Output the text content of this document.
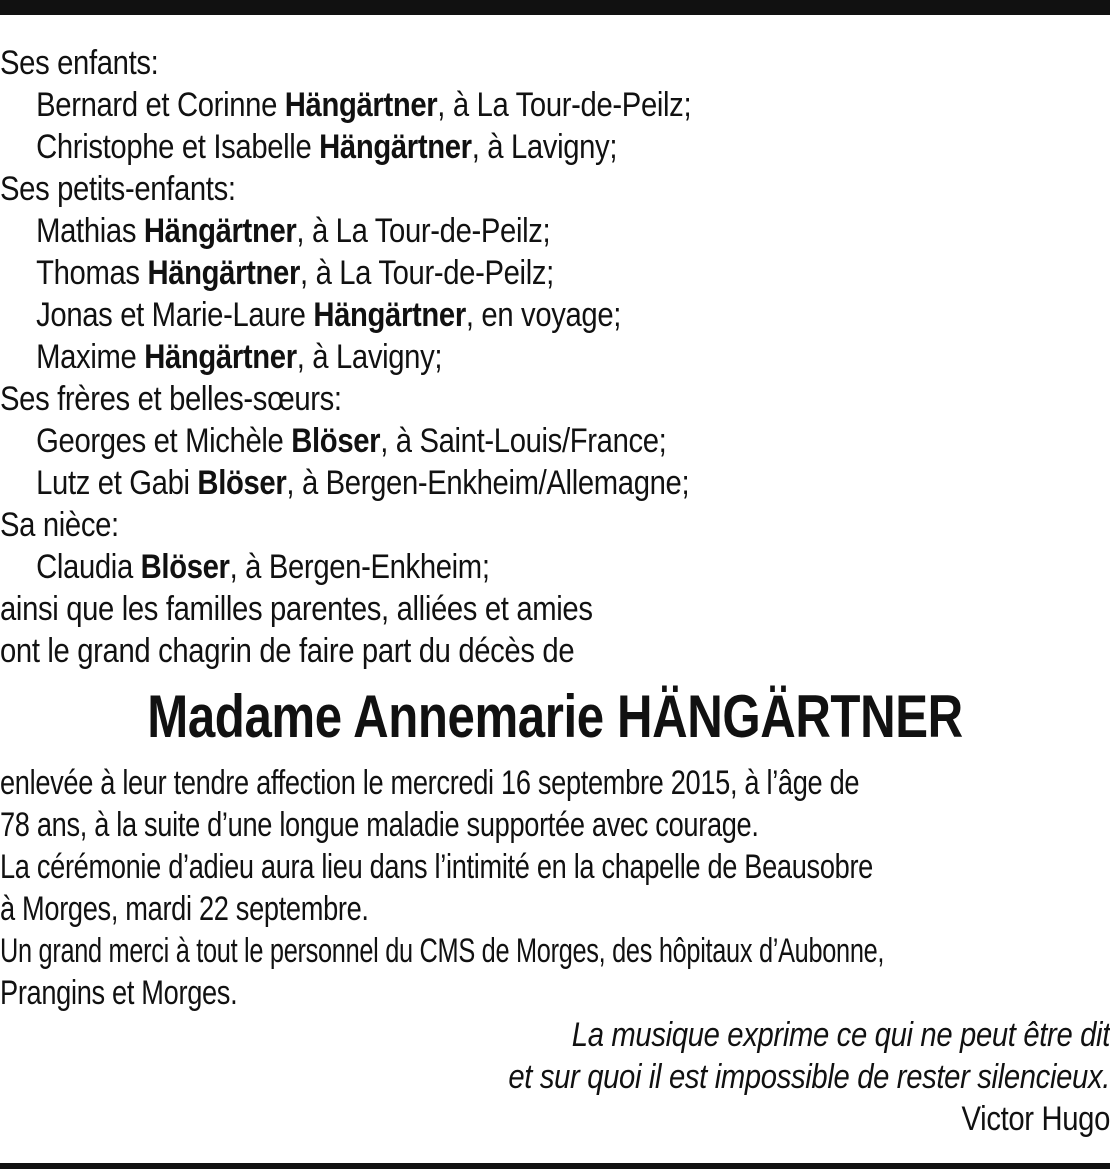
Ses enfants:
Bernard et Corinne Hängärtner, à La Tour-de-Peilz;
Christophe et Isabelle Hängärtner, à Lavigny;
Ses petits-enfants:
Mathias Hängärtner, à La Tour-de-Peilz;
Thomas Hängärtner, à La Tour-de-Peilz;
Jonas et Marie-Laure Hängärtner, en voyage;
Maxime Hängärtner, à Lavigny;
Ses frères et belles-sœurs:
Georges et Michèle Blöser, à Saint-Louis/France;
Lutz et Gabi Blöser, à Bergen-Enkheim/Allemagne;
Sa nièce:
Claudia Blöser, à Bergen-Enkheim;
ainsi que les familles parentes, alliées et amies
ont le grand chagrin de faire part du décès de
Madame Annemarie HÄNGÄRTNER
enlevée à leur tendre affection le mercredi 16 septembre 2015, à l’âge de
78 ans, à la suite d’une longue maladie supportée avec courage.
La cérémonie d’adieu aura lieu dans l’intimité en la chapelle de Beausobre
à Morges, mardi 22 septembre.
Un grand merci à tout le personnel du CMS de Morges, des hôpitaux d’Aubonne,
Prangins et Morges.
La musique exprime ce qui ne peut être dit
et sur quoi il est impossible de rester silencieux.
Victor Hugo
